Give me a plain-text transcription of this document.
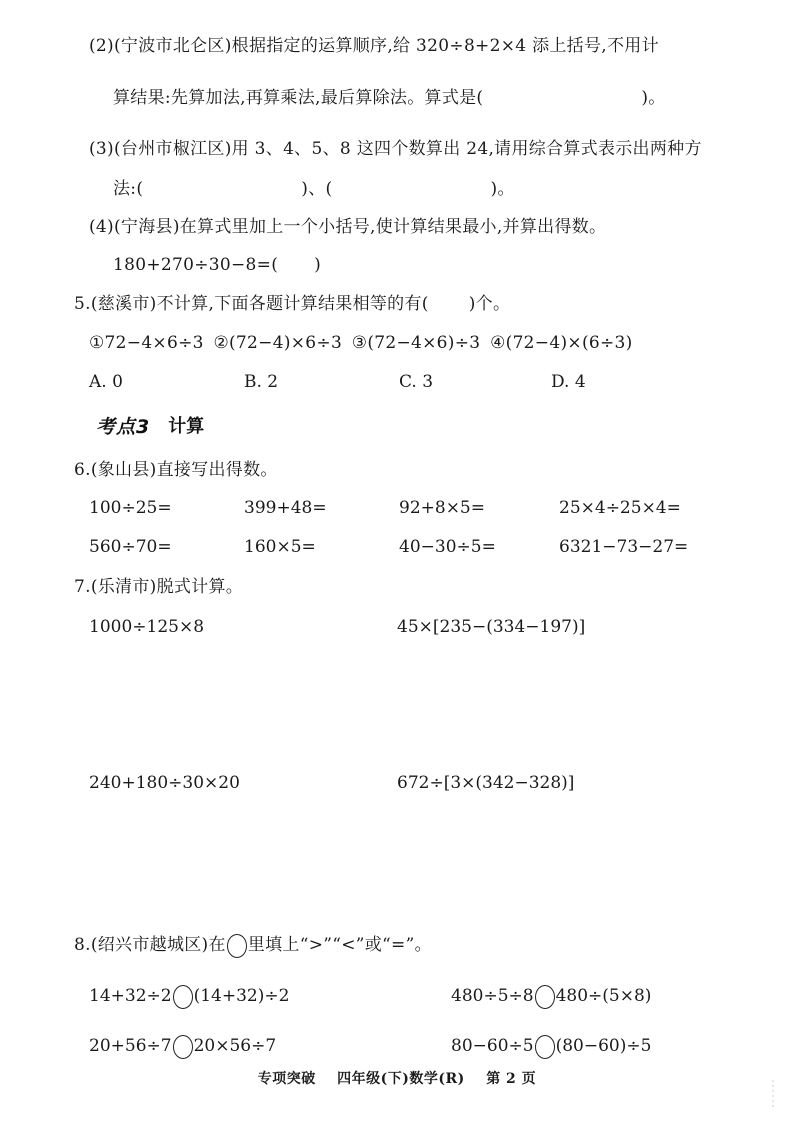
(2)(宁波市北仑区)根据指定的运算顺序,给 320÷8+2×4 添上括号,不用计
算结果:先算加法,再算乘法,最后算除法。算式是(	)。
(3)(台州市椒江区)用 3、4、5、8 这四个数算出 24,请用综合算式表示出两种方
法:(	)、(	)。
(4)(宁海县)在算式里加上一个小括号,使计算结果最小,并算出得数。
180+270÷30−8=( )
5.(慈溪市)不计算,下面各题计算结果相等的有( )个。
①72−4×6÷3 ②(72−4)×6÷3 ③(72−4×6)÷3 ④(72−4)×(6÷3)
A. 0	B. 2	C. 3	D. 4
考点3 计算
6.(象山县)直接写出得数。
100÷25=	399+48=	92+8×5=	25×4÷25×4=
560÷70=	160×5=	40−30÷5=	6321−73−27=
7.(乐清市)脱式计算。
1000÷125×8	45×[235−(334−197)]
240+180÷30×20	672÷[3×(342−328)]
8.(绍兴市越城区)在 里填上“>”“<”或“=”。
14+32÷2 (14+32)÷2	480÷5÷8 480÷(5×8)
20+56÷7 20×56÷7	80−60÷5 (80−60)÷5
专项突破 四年级(下)数学(R) 第 2 页
